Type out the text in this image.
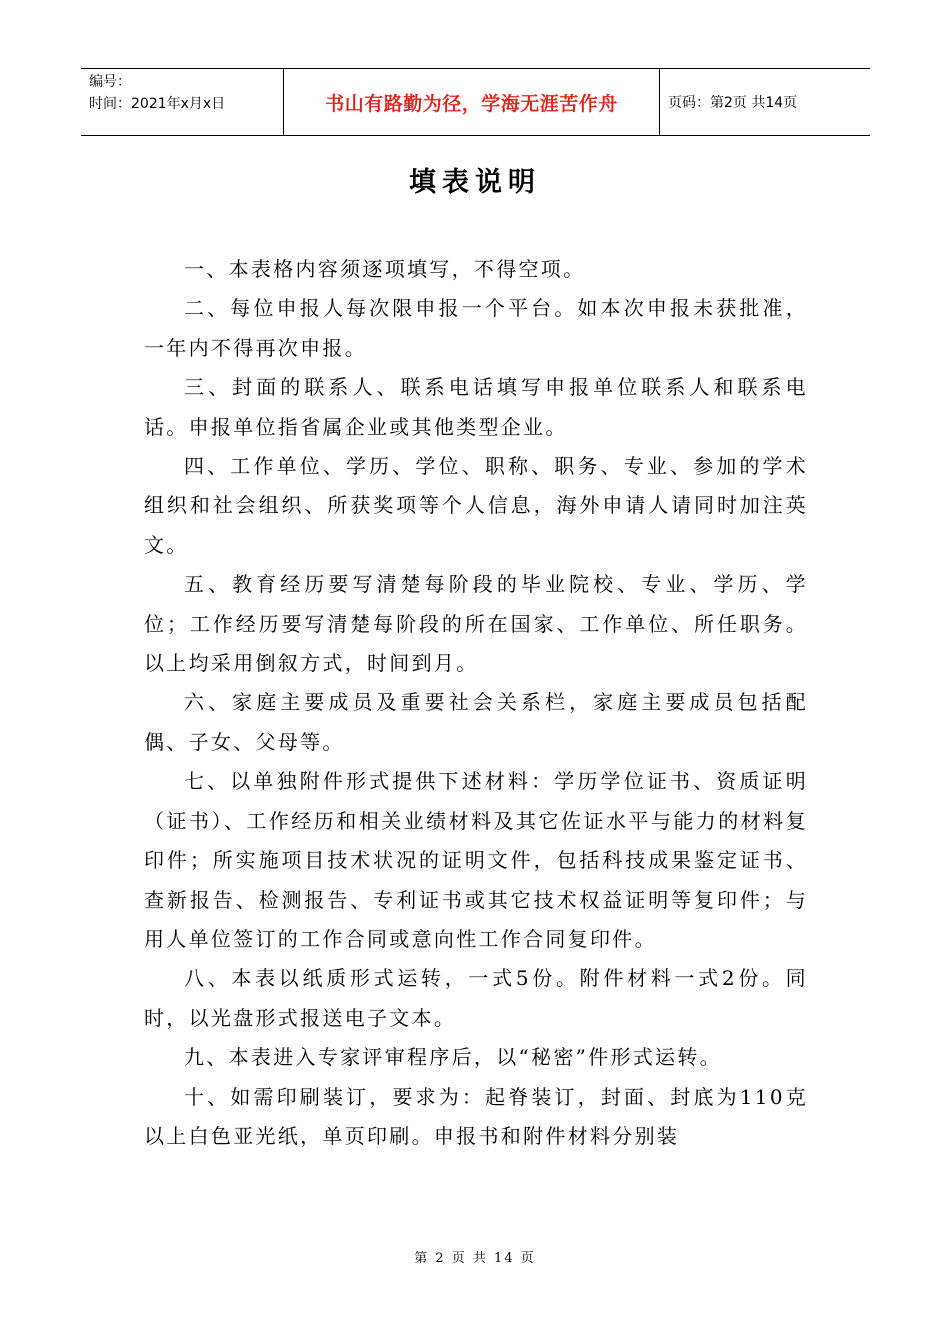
编号：
时间：2021年x月x日	书山有路勤为径，学海无涯苦作舟	页码：第2页 共14页
填表说明

一、本表格内容须逐项填写，不得空项。

二、每位申报人每次限申报一个平台。如本次申报未获批准，一年内不得再次申报。

三、封面的联系人、联系电话填写申报单位联系人和联系电话。申报单位指省属企业或其他类型企业。

四、工作单位、学历、学位、职称、职务、专业、参加的学术组织和社会组织、所获奖项等个人信息，海外申请人请同时加注英文。

五、教育经历要写清楚每阶段的毕业院校、专业、学历、学位；工作经历要写清楚每阶段的所在国家、工作单位、所任职务。以上均采用倒叙方式，时间到月。

六、家庭主要成员及重要社会关系栏，家庭主要成员包括配偶、子女、父母等。

七、以单独附件形式提供下述材料：学历学位证书、资质证明（证书）、工作经历和相关业绩材料及其它佐证水平与能力的材料复印件；所实施项目技术状况的证明文件，包括科技成果鉴定证书、查新报告、检测报告、专利证书或其它技术权益证明等复印件；与用人单位签订的工作合同或意向性工作合同复印件。

八、本表以纸质形式运转，一式5份。附件材料一式2份。同时，以光盘形式报送电子文本。

九、本表进入专家评审程序后，以“秘密”件形式运转。

十、如需印刷装订，要求为：起脊装订，封面、封底为110克以上白色亚光纸，单页印刷。申报书和附件材料分别装

第 2 页 共 14 页
